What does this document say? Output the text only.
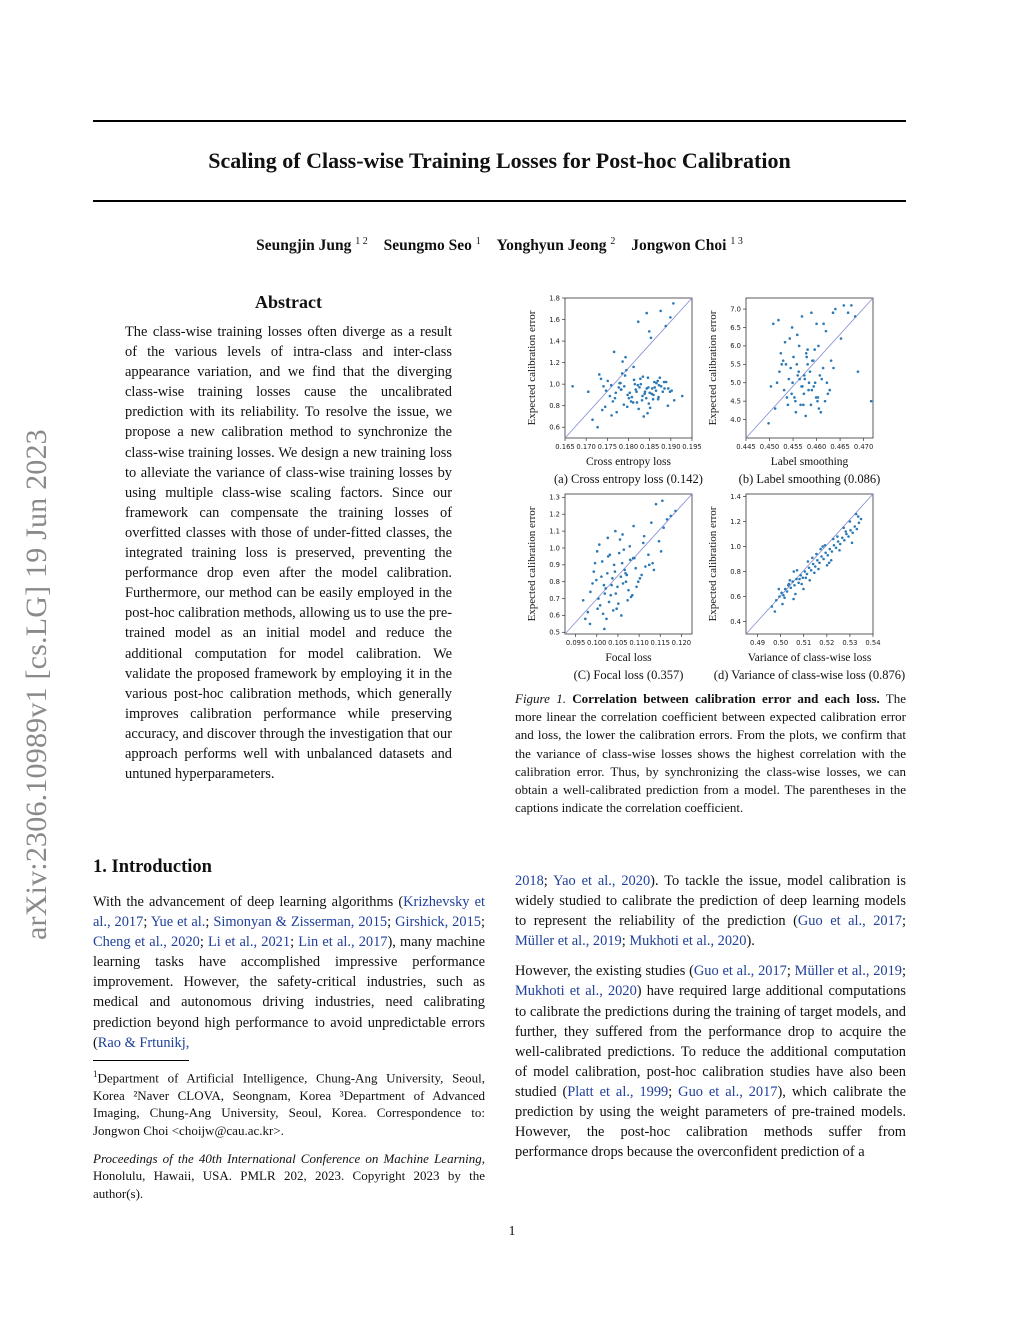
Scaling of Class-wise Training Losses for Post-hoc Calibration
Seungjin Jung $^{1 2}$ Seungmo Seo $^1$ Yonghyun Jeong $^2$ Jongwon Choi $^{1 3}$
arXiv:2306.10989v1 [cs.LG] 19 Jun 2023
Abstract
The class-wise training losses often diverge as a result of the various levels of intra-class and inter-class appearance variation, and we find that the diverging class-wise training losses cause the uncalibrated prediction with its reliability. To resolve the issue, we propose a new calibration method to synchronize the class-wise training losses. We design a new training loss to alleviate the variance of class-wise training losses by using multiple class-wise scaling factors. Since our framework can compensate the training losses of overfitted classes with those of under-fitted classes, the integrated training loss is preserved, preventing the performance drop even after the model calibration. Furthermore, our method can be easily employed in the post-hoc calibration methods, allowing us to use the pre-trained model as an initial model and reduce the additional computation for model calibration. We validate the proposed framework by employing it in the various post-hoc calibration methods, which generally improves calibration performance while preserving accuracy, and discover through the investigation that our approach performs well with unbalanced datasets and untuned hyperparameters.
1. Introduction
With the advancement of deep learning algorithms (Krizhevsky et al., 2017; Yue et al.; Simonyan & Zisserman, 2015; Girshick, 2015; Cheng et al., 2020; Li et al., 2021; Lin et al., 2017), many machine learning tasks have accomplished impressive performance improvement. However, the safety-critical industries, such as medical and autonomous driving industries, need calibrating prediction beyond high performance to avoid unpredictable errors (Rao & Frtunikj,
$^1$Department of Artificial Intelligence, Chung-Ang University, Seoul, Korea ²Naver CLOVA, Seongnam, Korea ³Department of Advanced Imaging, Chung-Ang University, Seoul, Korea. Correspondence to: Jongwon Choi <choijw@cau.ac.kr>.
Proceedings of the 40th International Conference on Machine Learning, Honolulu, Hawaii, USA. PMLR 202, 2023. Copyright 2023 by the author(s).
0.165 0.170 0.175 0.180 0.185 0.190 0.195
0.6
0.8
1.0
1.2
1.4
1.6
1.8
Expected calibration error
Cross entropy loss
(a) Cross entropy loss (0.142)
0.445 0.450 0.455 0.460 0.465 0.470
4.0
4.5
5.0
5.5
6.0
6.5
7.0
Expected calibration error
Label smoothing
(b) Label smoothing (0.086)
0.095 0.100 0.105 0.110 0.115 0.120
0.5
0.6
0.7
0.8
0.9
1.0
1.1
1.2
1.3
Expected calibration error
Focal loss
(C) Focal loss (0.357)
0.49 0.50 0.51 0.52 0.53 0.54
0.4
0.6
0.8
1.0
1.2
1.4
Expected calibration error
Variance of class-wise loss
(d) Variance of class-wise loss (0.876)
Figure 1. Correlation between calibration error and each loss. The more linear the correlation coefficient between expected calibration error and loss, the lower the calibration errors. From the plots, we confirm that the variance of class-wise losses shows the highest correlation with the calibration error. Thus, by synchronizing the class-wise losses, we can obtain a well-calibrated prediction from a model. The parentheses in the captions indicate the correlation coefficient.

2018; Yao et al., 2020). To tackle the issue, model calibration is widely studied to calibrate the prediction of deep learning models to represent the reliability of the prediction (Guo et al., 2017; Müller et al., 2019; Mukhoti et al., 2020).

However, the existing studies (Guo et al., 2017; Müller et al., 2019; Mukhoti et al., 2020) have required large additional computations to calibrate the predictions during the training of target models, and further, they suffered from the performance drop to acquire the well-calibrated predictions. To reduce the additional computation of model calibration, post-hoc calibration studies have also been studied (Platt et al., 1999; Guo et al., 2017), which calibrate the prediction by using the weight parameters of pre-trained models. However, the post-hoc calibration methods suffer from performance drops because the overconfident prediction of a

1
